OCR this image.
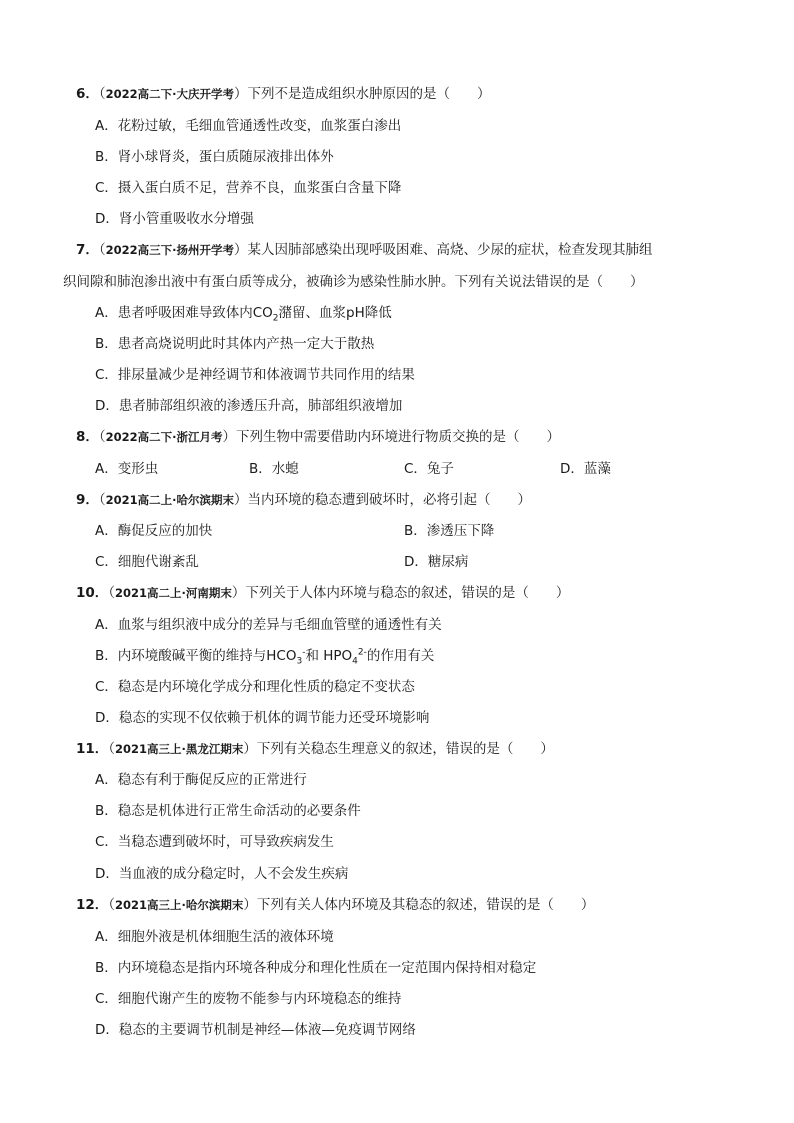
6．（2022高二下·大庆开学考）下列不是造成组织水肿原因的是（　　）
A．花粉过敏，毛细血管通透性改变，血浆蛋白渗出
B．肾小球肾炎，蛋白质随尿液排出体外
C．摄入蛋白质不足，营养不良，血浆蛋白含量下降
D．肾小管重吸收水分增强
7．（2022高三下·扬州开学考）某人因肺部感染出现呼吸困难、高烧、少尿的症状，检查发现其肺组
织间隙和肺泡渗出液中有蛋白质等成分，被确诊为感染性肺水肿。下列有关说法错误的是（　　）
A．患者呼吸困难导致体内$CO_2$潴留、血浆pH降低
B．患者高烧说明此时其体内产热一定大于散热
C．排尿量减少是神经调节和体液调节共同作用的结果
D．患者肺部组织液的渗透压升高，肺部组织液增加
8．（2022高二下·浙江月考）下列生物中需要借助内环境进行物质交换的是（　　）
A．变形虫	B．水螅	C．兔子	D．蓝藻
9．（2021高二上·哈尔滨期末）当内环境的稳态遭到破坏时，必将引起（　　）
A．酶促反应的加快	B．渗透压下降
C．细胞代谢紊乱	D．糖尿病
10．（2021高二上·河南期末）下列关于人体内环境与稳态的叙述，错误的是（　　）
A．血浆与组织液中成分的差异与毛细血管壁的通透性有关
B．内环境酸碱平衡的维持与$HCO_3^-$和 $HPO_4^{2-}$的作用有关
C．稳态是内环境化学成分和理化性质的稳定不变状态
D．稳态的实现不仅依赖于机体的调节能力还受环境影响
11．（2021高三上·黑龙江期末）下列有关稳态生理意义的叙述，错误的是（　　）
A．稳态有利于酶促反应的正常进行
B．稳态是机体进行正常生命活动的必要条件
C．当稳态遭到破坏时，可导致疾病发生
D．当血液的成分稳定时，人不会发生疾病
12．（2021高三上·哈尔滨期末）下列有关人体内环境及其稳态的叙述，错误的是（　　）
A．细胞外液是机体细胞生活的液体环境
B．内环境稳态是指内环境各种成分和理化性质在一定范围内保持相对稳定
C．细胞代谢产生的废物不能参与内环境稳态的维持
D．稳态的主要调节机制是神经—体液—免疫调节网络
